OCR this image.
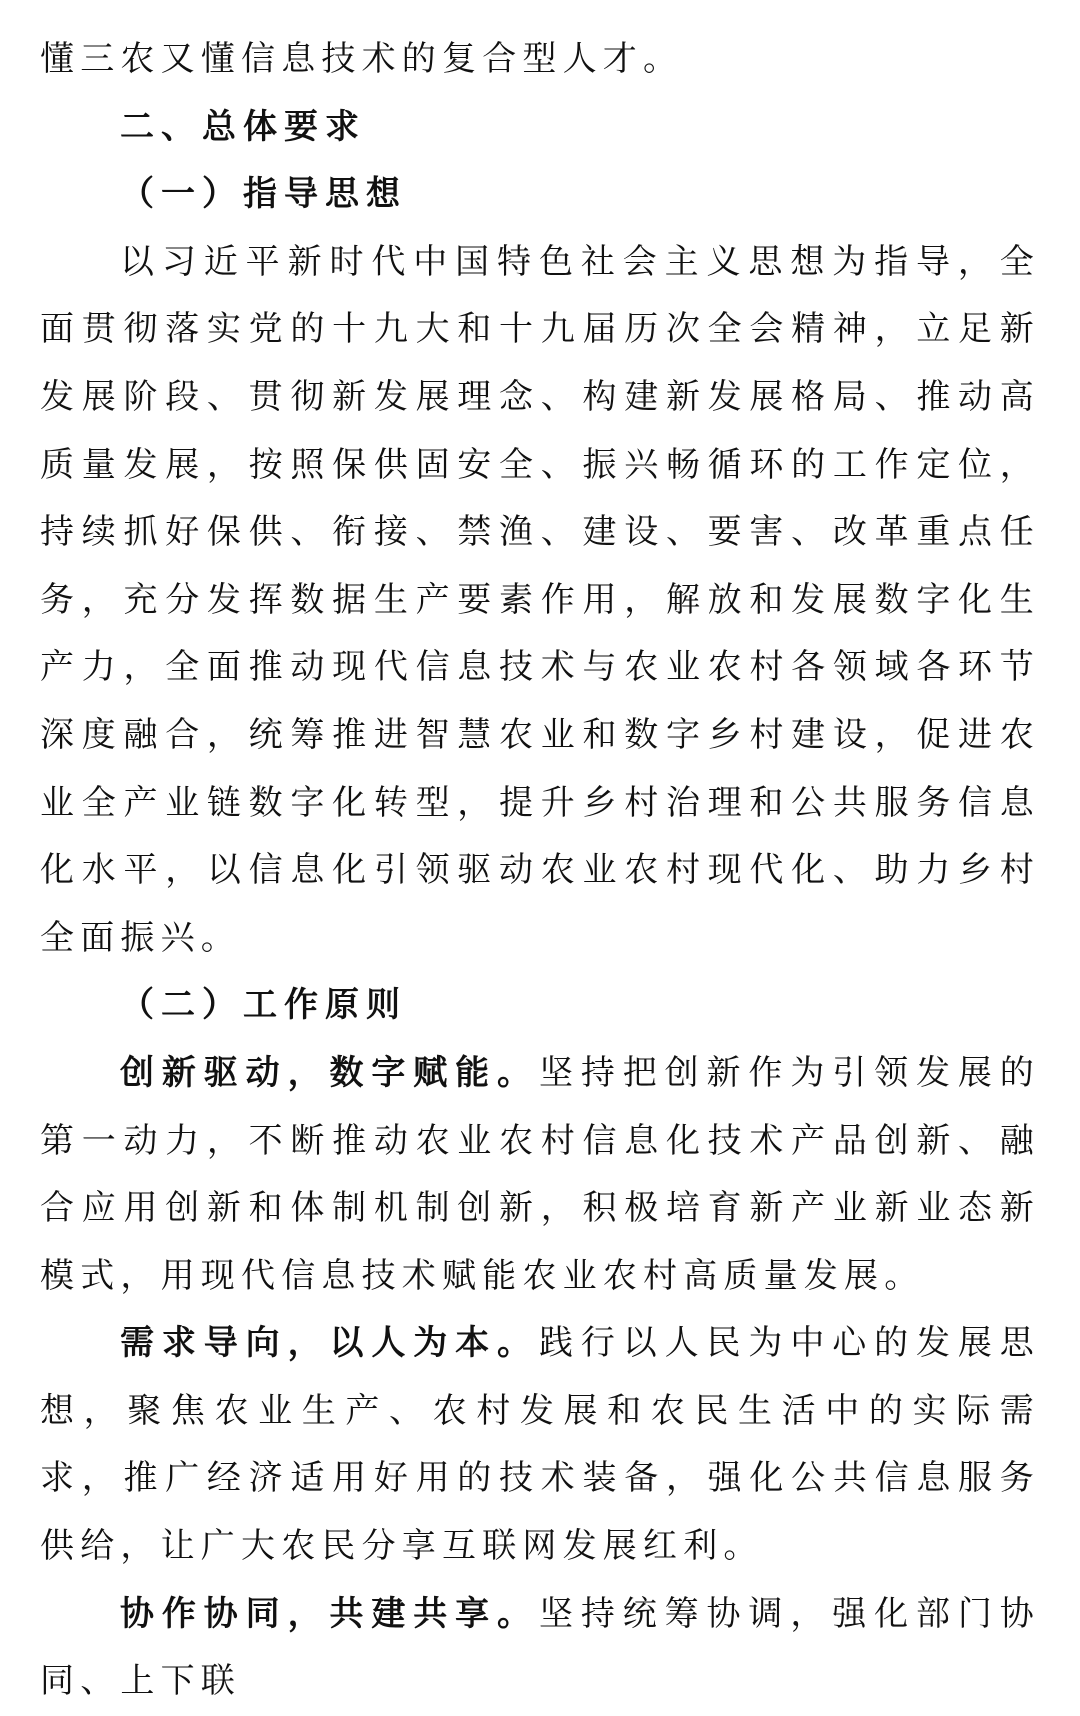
懂三农又懂信息技术的复合型人才。

二、总体要求

（一）指导思想

以习近平新时代中国特色社会主义思想为指导，全面贯彻落实党的十九大和十九届历次全会精神，立足新发展阶段、贯彻新发展理念、构建新发展格局、推动高质量发展，按照保供固安全、振兴畅循环的工作定位，持续抓好保供、衔接、禁渔、建设、要害、改革重点任务，充分发挥数据生产要素作用，解放和发展数字化生产力，全面推动现代信息技术与农业农村各领域各环节深度融合，统筹推进智慧农业和数字乡村建设，促进农业全产业链数字化转型，提升乡村治理和公共服务信息化水平，以信息化引领驱动农业农村现代化、助力乡村全面振兴。

（二）工作原则

创新驱动，数字赋能。坚持把创新作为引领发展的第一动力，不断推动农业农村信息化技术产品创新、融合应用创新和体制机制创新，积极培育新产业新业态新模式，用现代信息技术赋能农业农村高质量发展。

需求导向，以人为本。践行以人民为中心的发展思想，聚焦农业生产、农村发展和农民生活中的实际需求，推广经济适用好用的技术装备，强化公共信息服务供给，让广大农民分享互联网发展红利。

协作协同，共建共享。坚持统筹协调，强化部门协同、上下联
